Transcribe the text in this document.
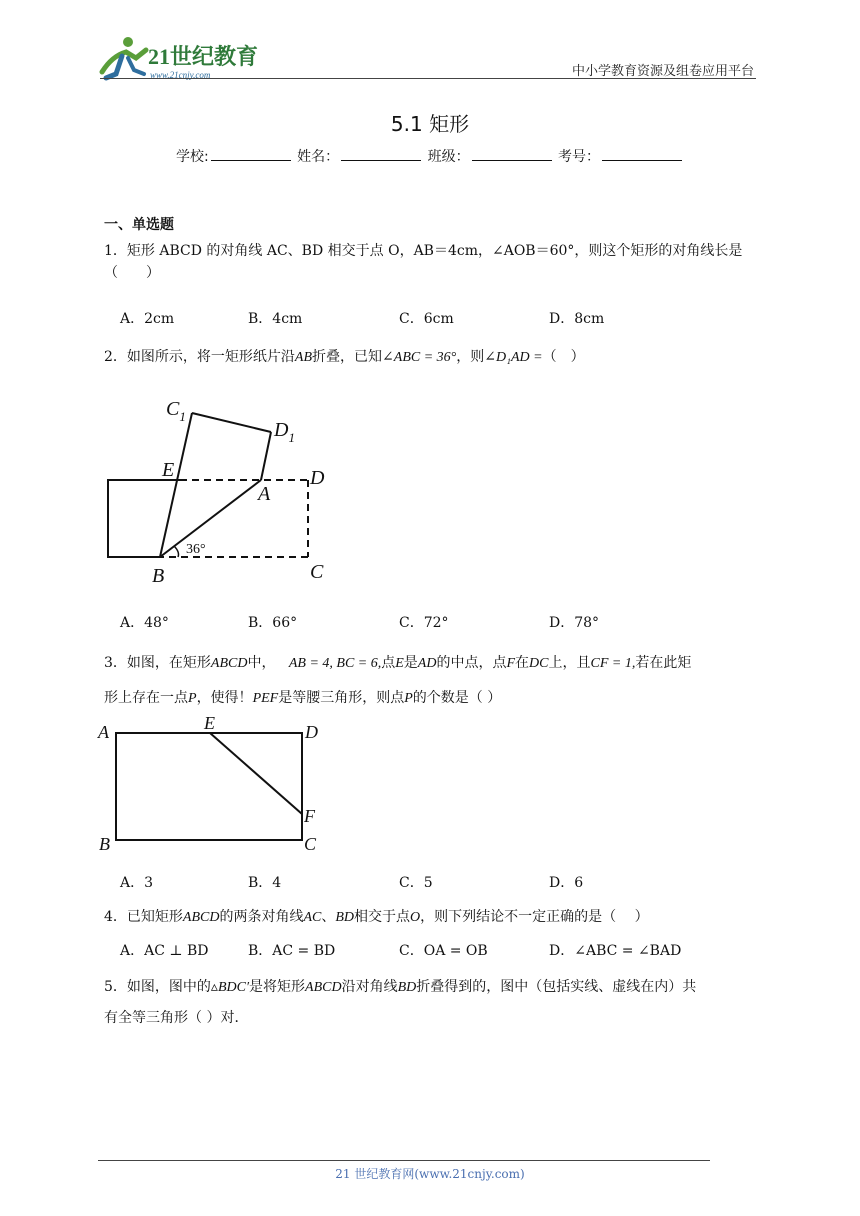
21世纪教育
www.21cnjy.com	中小学教育资源及组卷应用平台
5.1 矩形
学校:	姓名：	班级：	考号：
一、单选题
1．矩形 ABCD 的对角线 AC、BD 相交于点 O，AB＝4cm，∠AOB＝60°，则这个矩形的对角线长是
（　　）
A．2cm	B．4cm	C．6cm	D．8cm
2．如图所示，将一矩形纸片沿AB折叠，已知∠ABC = 36°，则∠D₁AD =（　）
$C_1$
$D_1$
E
A
D
B	C
36°
A．48°	B．66°	C．72°	D．78°
3．如图，在矩形ABCD中， AB = 4, BC = 6,点E是AD的中点，点F在DC上，且CF = 1,若在此矩
形上存在一点P，使得！PEF是等腰三角形，则点P的个数是（ ）
A	E	D
F
B	C
A．3	B．4	C．5	D．6
4．已知矩形ABCD的两条对角线AC、BD相交于点O，则下列结论不一定正确的是（　 ）
A．AC ⊥ BD	B．AC = BD	C．OA = OB	D．∠ABC = ∠BAD
5．如图，图中的▵BDC′是将矩形ABCD沿对角线BD折叠得到的，图中（包括实线、虚线在内）共
有全等三角形（ ）对．
21 世纪教育网(www.21cnjy.com)
